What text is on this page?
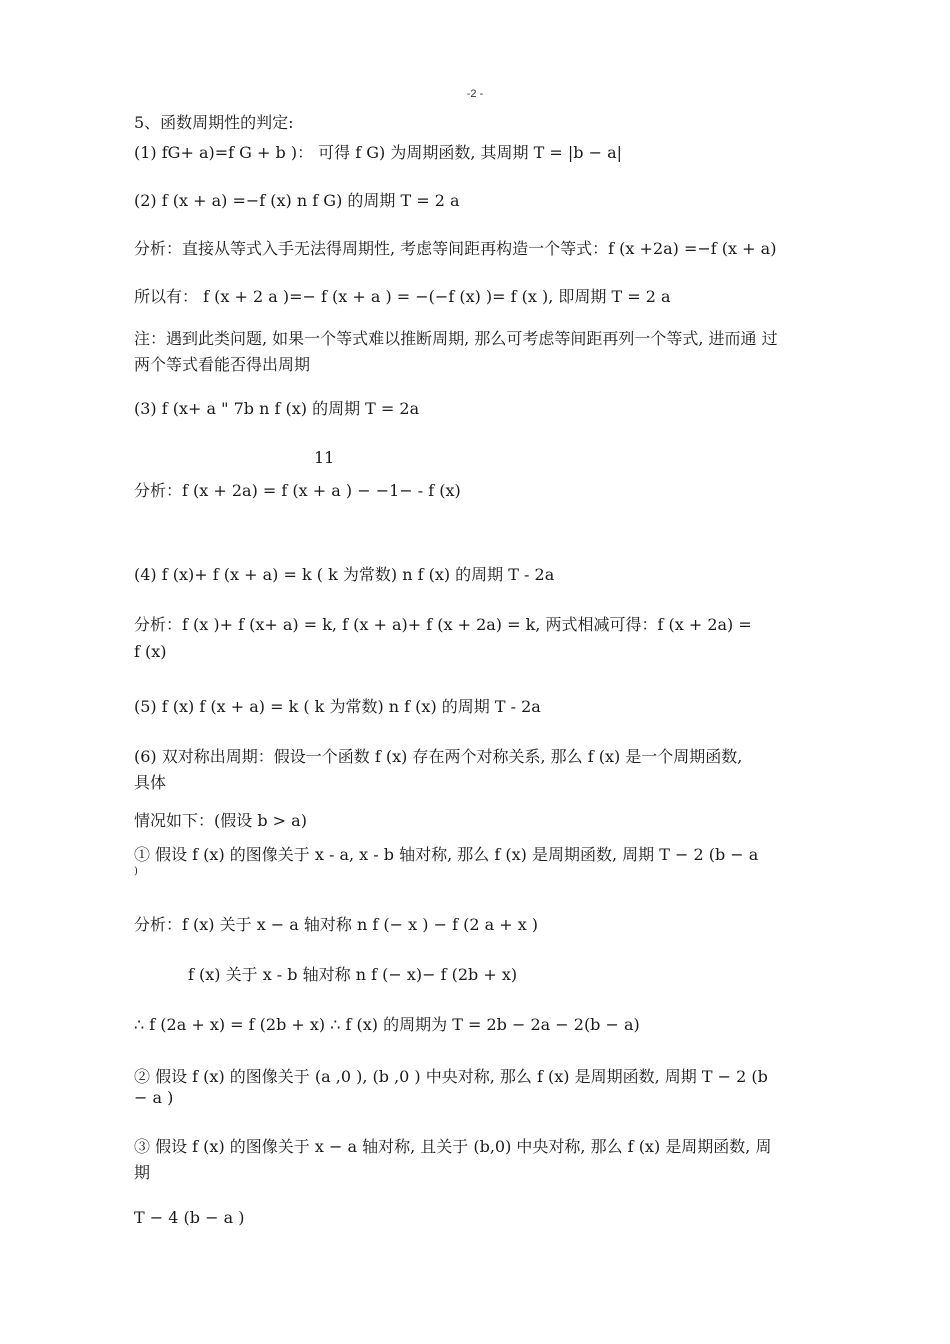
-2 -
5、函数周期性的判定:
(1) fG+ a)=f G + b )： 可得 f G) 为周期函数, 其周期 T = |b − a|
(2) f (x + a) =−f (x) n f G) 的周期 T = 2 a
分析：直接从等式入手无法得周期性, 考虑等间距再构造一个等式：f (x +2a) =−f (x + a)
所以有： f (x + 2 a )=− f (x + a ) = −(−f (x) )= f (x ), 即周期 T = 2 a
注：遇到此类问题, 如果一个等式难以推断周期, 那么可考虑等间距再列一个等式, 进而通 过
两个等式看能否得出周期
(3) f (x+ a " 7b n f (x) 的周期 T = 2a
11
分析：f (x + 2a) = f (x + a ) − −1− - f (x)
(4) f (x)+ f (x + a) = k ( k 为常数) n f (x) 的周期 T - 2a
分析：f (x )+ f (x+ a) = k, f (x + a)+ f (x + 2a) = k, 两式相减可得：f (x + 2a) =
f (x)
(5) f (x) f (x + a) = k ( k 为常数) n f (x) 的周期 T - 2a
(6) 双对称出周期：假设一个函数 f (x) 存在两个对称关系, 那么 f (x) 是一个周期函数,
具体
情况如下：(假设 b > a)
① 假设 f (x) 的图像关于 x - a, x - b 轴对称, 那么 f (x) 是周期函数, 周期 T − 2 (b − a
)
分析：f (x) 关于 x − a 轴对称 n f (− x ) − f (2 a + x )
f (x) 关于 x - b 轴对称 n f (− x)− f (2b + x)
∴ f (2a + x) = f (2b + x) ∴ f (x) 的周期为 T = 2b − 2a − 2(b − a)
② 假设 f (x) 的图像关于 (a ,0 ), (b ,0 ) 中央对称, 那么 f (x) 是周期函数, 周期 T − 2 (b
− a )
③ 假设 f (x) 的图像关于 x − a 轴对称, 且关于 (b,0) 中央对称, 那么 f (x) 是周期函数, 周
期
T − 4 (b − a )
